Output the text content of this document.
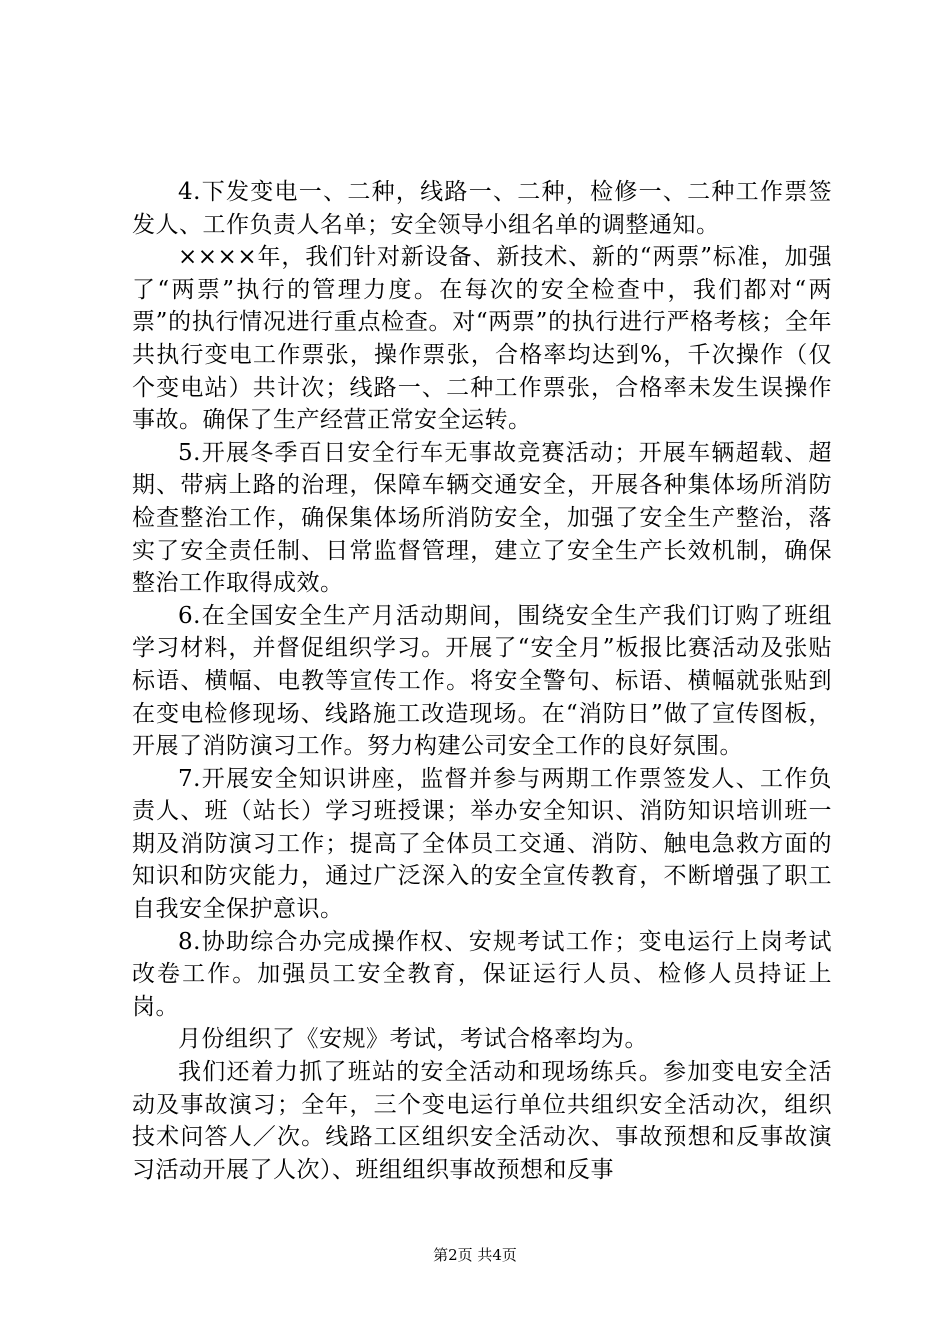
4.下发变电一、二种，线路一、二种，检修一、二种工作票签发人、工作负责人名单；安全领导小组名单的调整通知。

××××年，我们针对新设备、新技术、新的“两票”标准，加强了“两票”执行的管理力度。在每次的安全检查中，我们都对“两票”的执行情况进行重点检查。对“两票”的执行进行严格考核；全年共执行变电工作票张，操作票张，合格率均达到%，千次操作（仅个变电站）共计次；线路一、二种工作票张，合格率未发生误操作事故。确保了生产经营正常安全运转。

5.开展冬季百日安全行车无事故竞赛活动；开展车辆超载、超期、带病上路的治理，保障车辆交通安全，开展各种集体场所消防检查整治工作，确保集体场所消防安全，加强了安全生产整治，落实了安全责任制、日常监督管理，建立了安全生产长效机制，确保整治工作取得成效。

6.在全国安全生产月活动期间，围绕安全生产我们订购了班组学习材料，并督促组织学习。开展了“安全月”板报比赛活动及张贴标语、横幅、电教等宣传工作。将安全警句、标语、横幅就张贴到在变电检修现场、线路施工改造现场。在“消防日”做了宣传图板，开展了消防演习工作。努力构建公司安全工作的良好氛围。

7.开展安全知识讲座，监督并参与两期工作票签发人、工作负责人、班（站长）学习班授课；举办安全知识、消防知识培训班一期及消防演习工作；提高了全体员工交通、消防、触电急救方面的知识和防灾能力，通过广泛深入的安全宣传教育，不断增强了职工自我安全保护意识。

8.协助综合办完成操作权、安规考试工作；变电运行上岗考试改卷工作。加强员工安全教育，保证运行人员、检修人员持证上岗。

月份组织了《安规》考试，考试合格率均为。

我们还着力抓了班站的安全活动和现场练兵。参加变电安全活动及事故演习；全年，三个变电运行单位共组织安全活动次，组织技术问答人／次。线路工区组织安全活动次、事故预想和反事故演习活动开展了人次）、班组组织事故预想和反事

第2页 共4页
